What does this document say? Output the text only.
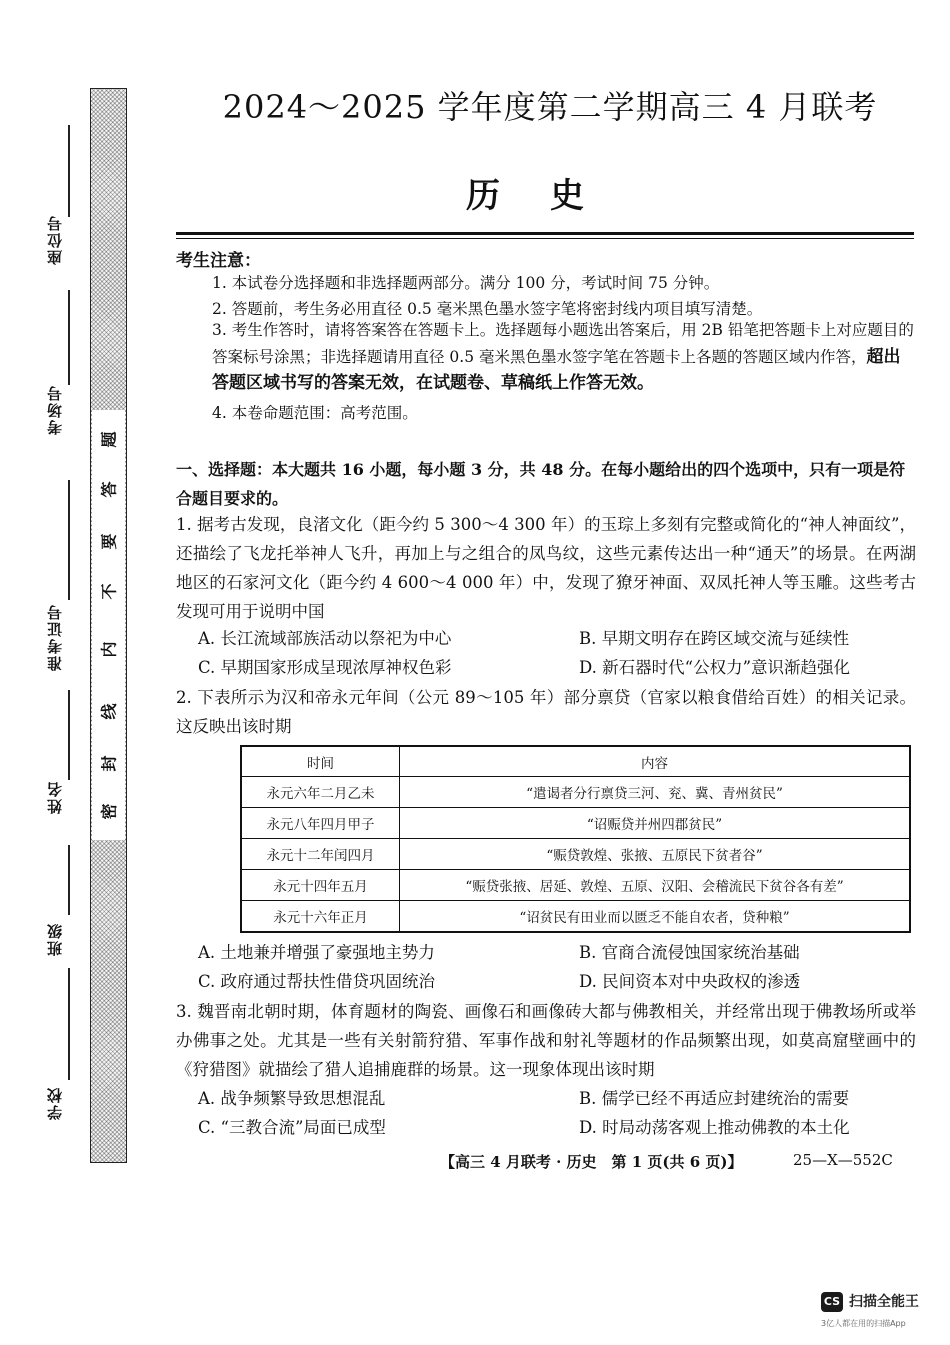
座位号
考场号
准考证号
姓名
班级
学校
密
封
线
内
不
要
答
题
2024～2025 学年度第二学期高三 4 月联考
历史
考生注意：
1. 本试卷分选择题和非选择题两部分。满分 100 分，考试时间 75 分钟。
2. 答题前，考生务必用直径 0.5 毫米黑色墨水签字笔将密封线内项目填写清楚。
3. 考生作答时，请将答案答在答题卡上。选择题每小题选出答案后，用 2B 铅笔把答题卡上对应题目的答案标号涂黑；非选择题请用直径 0.5 毫米黑色墨水签字笔在答题卡上各题的答题区域内作答，超出答题区域书写的答案无效，在试题卷、草稿纸上作答无效。
4. 本卷命题范围：高考范围。
一、选择题：本大题共 16 小题，每小题 3 分，共 48 分。在每小题给出的四个选项中，只有一项是符合题目要求的。
1. 据考古发现，良渚文化（距今约 5 300～4 300 年）的玉琮上多刻有完整或简化的“神人神面纹”，还描绘了飞龙托举神人飞升，再加上与之组合的凤鸟纹，这些元素传达出一种“通天”的场景。在两湖地区的石家河文化（距今约 4 600～4 000 年）中，发现了獠牙神面、双凤托神人等玉雕。这些考古发现可用于说明中国
A. 长江流域部族活动以祭祀为中心	B. 早期文明存在跨区域交流与延续性
C. 早期国家形成呈现浓厚神权色彩	D. 新石器时代“公权力”意识渐趋强化
2. 下表所示为汉和帝永元年间（公元 89～105 年）部分禀贷（官家以粮食借给百姓）的相关记录。这反映出该时期
时间	内容
永元六年二月乙未	“遣谒者分行禀贷三河、兖、冀、青州贫民”
永元八年四月甲子	“诏赈贷并州四郡贫民”
永元十二年闰四月	“赈贷敦煌、张掖、五原民下贫者谷”
永元十四年五月	“赈贷张掖、居延、敦煌、五原、汉阳、会稽流民下贫谷各有差”
永元十六年正月	“诏贫民有田业而以匮乏不能自农者，贷种粮”
A. 土地兼并增强了豪强地主势力	B. 官商合流侵蚀国家统治基础
C. 政府通过帮扶性借贷巩固统治	D. 民间资本对中央政权的渗透
3. 魏晋南北朝时期，体育题材的陶瓷、画像石和画像砖大都与佛教相关，并经常出现于佛教场所或举办佛事之处。尤其是一些有关射箭狩猎、军事作战和射礼等题材的作品频繁出现，如莫高窟壁画中的《狩猎图》就描绘了猎人追捕鹿群的场景。这一现象体现出该时期
A. 战争频繁导致思想混乱	B. 儒学已经不再适应封建统治的需要
C. “三教合流”局面已成型	D. 时局动荡客观上推动佛教的本土化
【高三 4 月联考 · 历史　第 1 页(共 6 页)】	25—X—552C
CS 扫描全能王
3亿人都在用的扫描App
